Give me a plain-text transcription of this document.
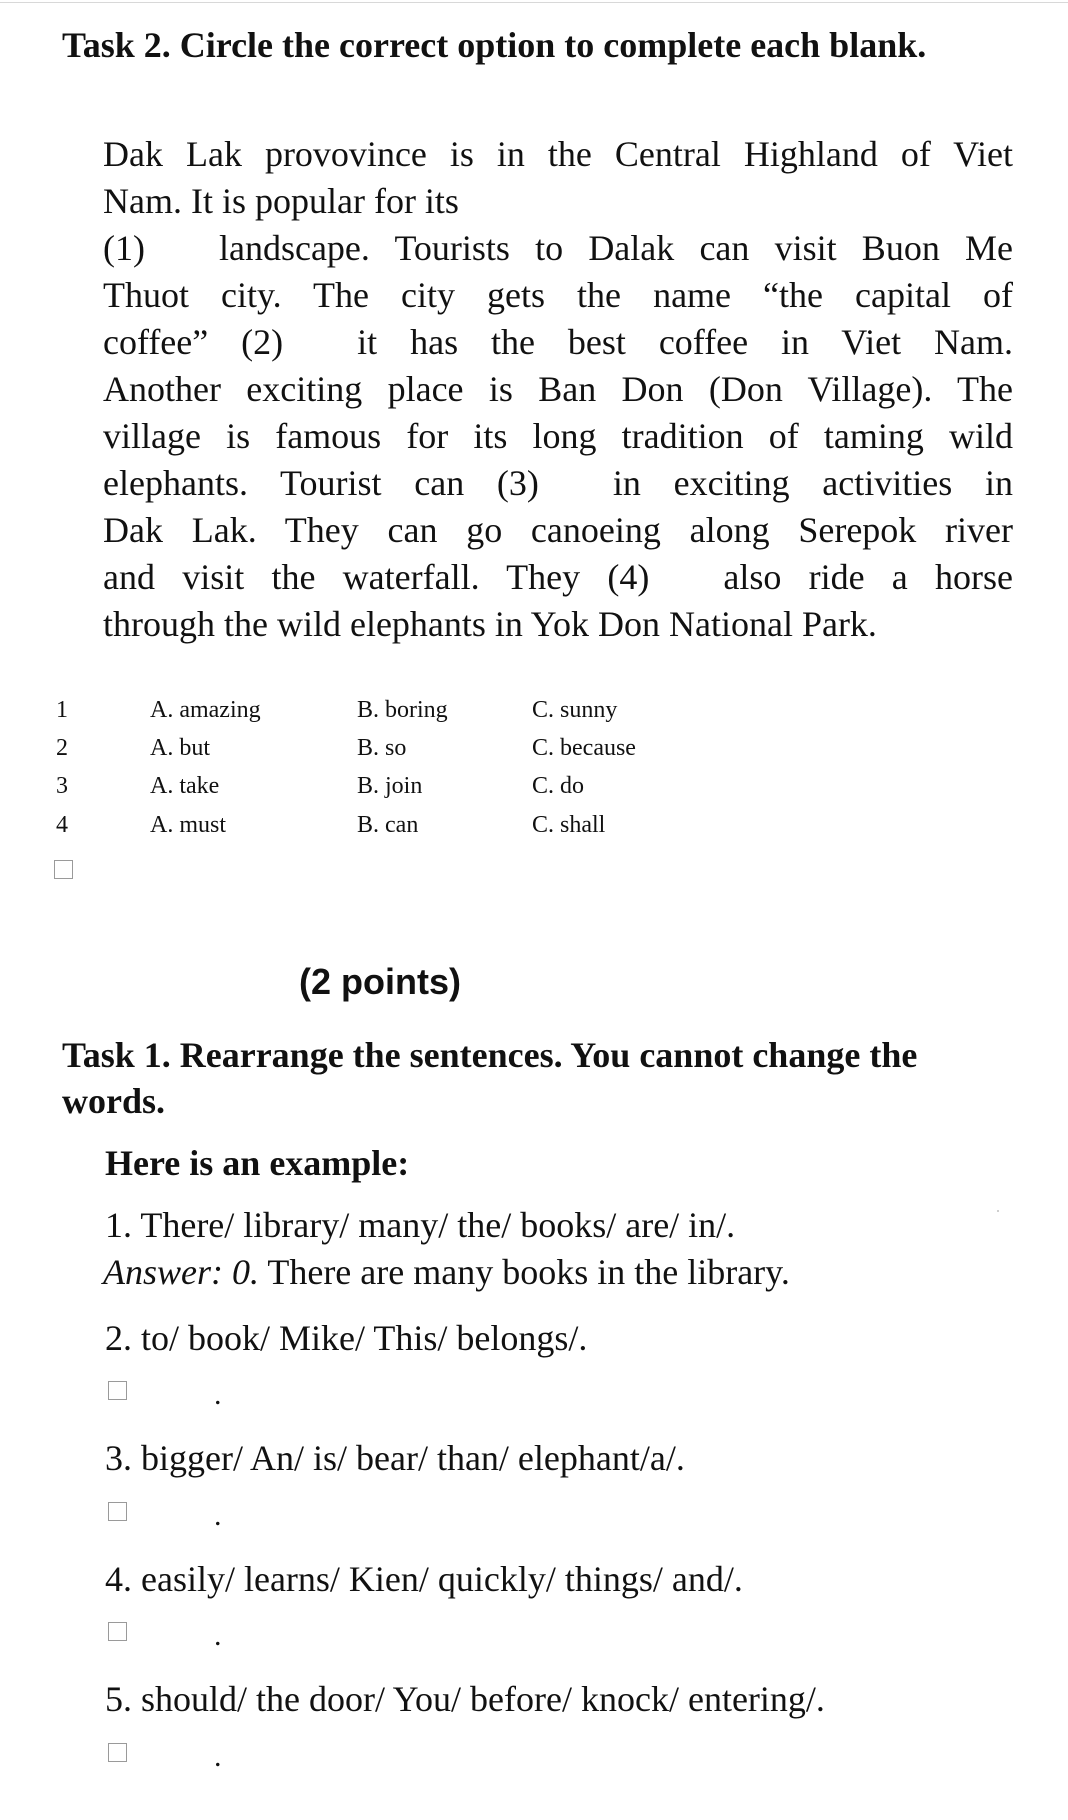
Task 2. Circle the correct option to complete each blank.
Dak Lak provovince is in the Central Highland of Viet
Nam. It is popular for its
(1) landscape. Tourists to Dalak can visit Buon Me
Thuot city. The city gets the name “the capital of
coffee” (2) it has the best coffee in Viet Nam.
Another exciting place is Ban Don (Don Village). The
village is famous for its long tradition of taming wild
elephants. Tourist can (3) in exciting activities in
Dak Lak. They can go canoeing along Serepok river
and visit the waterfall. They (4) also ride a horse
through the wild elephants in Yok Don National Park.
1	A. amazing	B. boring	C. sunny
2	A. but	B. so	C. because
3	A. take	B. join	C. do
4	A. must	B. can	C. shall
(2 points)
Task 1. Rearrange the sentences. You cannot change the words.
Here is an example:
1. There/ library/ many/ the/ books/ are/ in/.
Answer: 0. There are many books in the library.
2. to/ book/ Mike/ This/ belongs/.
.
3. bigger/ An/ is/ bear/ than/ elephant/a/.
.
4. easily/ learns/ Kien/ quickly/ things/ and/.
.
5. should/ the door/ You/ before/ knock/ entering/.
.
